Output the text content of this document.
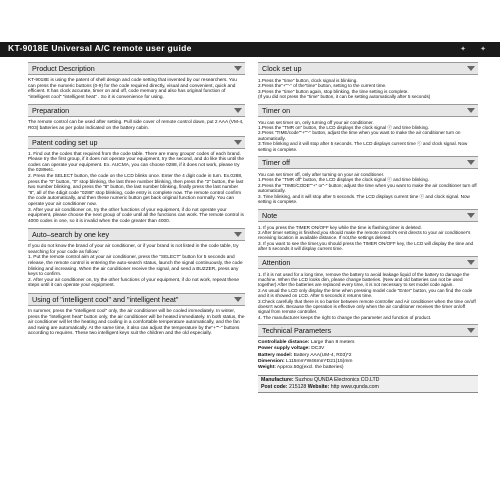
KT-9018E Universal A/C remote user guide	✦ ✦
Product Description
KT-9018E is using the patent of shell design and code setting that invented by our researchers. You can press the numeric buttons (0-9) for the code required directly, visual and convenient, quick and efficient. It has clock accurate, timer on and off, code memory and also has original function of "intelligent cool" "intelligent heat" . So it is convenience for using.
Preparation
The remote control can be used after setting. Pull side cover of remote control down, put 2 AAA (VM-4, R03) batteries as per polar indicated on the battery cabin.
Patent coding set up
1. Find out the codes that required from the code table. There are many groups' codes of each brand. Please try the first group, if it does not operate your equipment, try the second, and do like this until the codes can operate your equipment. Ex. AUCMA, you can choose 0288, if it does not work, please try the 0289etc.
2. Press the SELECT button, the code on the LCD blinks once. Enter the 4 digit code in turn. Ex.0288, press the "0" button, "0" stop blinking, the last three number blinking, then press the "2" button, the last two number blinking, and press the "8" button, the last number blinking, finally press the last number "8", all of the 4digit code "0288" stop blinking, code entry is complete now. The remote control confirm the code automatically, and then these numeric button get back original function normally. You can operate your air conditioner now.
3. After your air conditioner on, try the other functions of your equipment, if do not operate your equipment, please choose the next group of code until all the functions can work. The remote control is 4000 codes in one, so it is invalid when the code greater than 4000.
Auto–search by one key
If you do not know the brand of your air conditioner, or if your brand is not listed in the code table, try searching for your code as follow:
1. Put the remote control aim at your air conditioner, press the "SELECT" button for 5 seconds and release, the remote control is entering the auto-search status, launch the signal continuously, the code blinking and increasing. When the air conditioner receive the signal, and send a BUZZER, press any keys to confirm.
2. After your air conditioner on, try the other functions of your equipment, if do not work, repeat these steps until it can operate your equipment.
Using of "intelligent cool" and "intelligent heat"
In summer, press the "intelligent cool" only, the air conditioner will be cooled immediately. In winter, press the "intelligent heat" button only, the air conditioner will be heated immediately. In both status, the air conditioner will let the heating and cooling in a comfortable temperature automatically, and the fan and swing are automatically. At the same time, it also can adjust the temperature by the"+""-" buttons according to requires. These two intelligent keys suit the children and the old especially.
Clock set up
1.Press the "time" button, clock signal is blinking.
2.Press the"+""-" of the"time" button, setting to the current time.
3.Press the "time" button again, stop blinking, the time setting is complete.
(If you did not press the "time" button, it can be setting automatically after 5 seconds)
Timer on
You can set timer on, only turning off your air conditioner.
1.Press the "TMR on" button, the LCD displays the clock signal ⓒ and time blinking.
2.Press "TIME/code""+""-" button, adjust the time when you want to make the air conditioner turn on automatically.
3.Time blinking and it will stop after 5 seconds. The LCD displays current time ⓒ and clock signal. Now setting is complete.
Timer off
You can set timer off, only after turning on your air conditioner.
1.Press the "TMR off" button, the LCD displays the clock signal ⓒ and time blinking.
2.Press the "TIME/CODE""+" or"-" button; adjust the time when you want to make the air conditioner turn off automatically.
3. Time blinking, and it will stop after 5 seconds. The LCD displays current time ⓒ and clock signal. Now setting is complete.
Note
1. If you press the TIMER ON/OFF key while the time is flashing,timer is deleted.
2.After timer setting is finished,you should make the remote control's emit directs to your air conditioner's receiving location in available distance. If not,the settings deleted.
3. If you want to see the timer,you should press the TIMER ON/OFF key, the LCD will display the time and after 5 seconds it will display current time.
Attention
1. If it is not used for a long time, remove the battery to avoid leakage liquid of the battery to damage the machine. When the LCD looks dim, please change batteries. (New and old batteries can not be used together) After the batteries are replaced every time, it is not necessary to set model code again.
2.As usual the LCD only display the time when pressing model code "Enter" button, you can find the code and it is showed on LCD. After 5 seconds it returns time.
3.Check carefully that there is no barrier between remote controller and Air conditioner when the time on/off doesn't work. Because the operation is effective only when the air conditioner receives the timer on/off signal from remote controller.
4. The manufacturer keeps the right to change the parameter and function of product.
Technical Parameters
Controllable distance: Large than 8 meters
Power supply voltage: DC3V
Battery model: Battery AAA(UM-4, R03)*2
Dimension: L115mm*W46mm*D21(15)mm
Weight: Approx.50g(excl. the batteries)
Manufacture: Suzhou QUNDA Electronics CO.LTD
Post code: 215128 Website: http www.qunda.com
